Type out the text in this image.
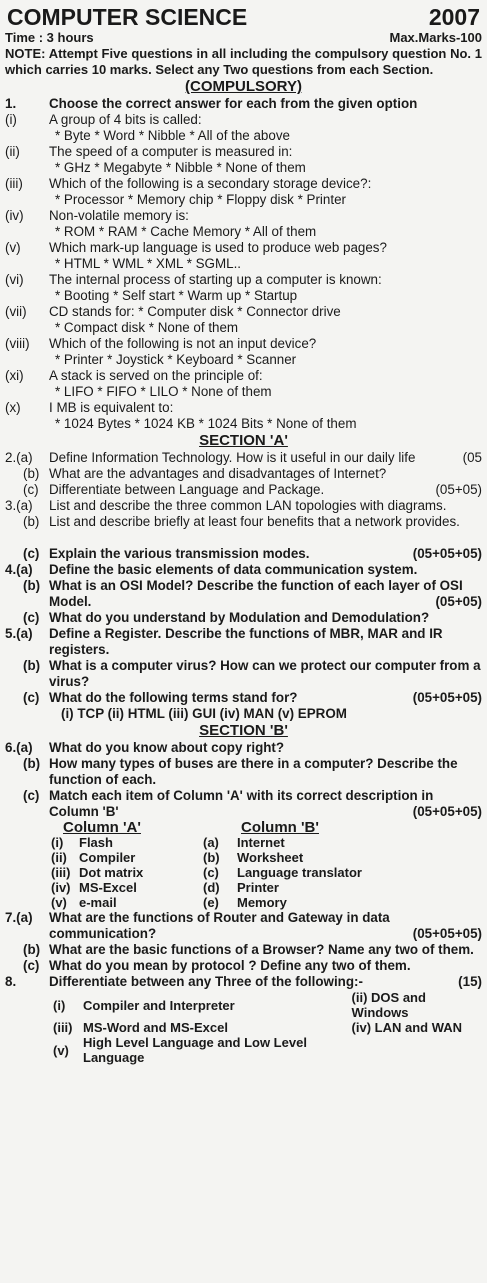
COMPUTER SCIENCE	2007
Time : 3 hours	Max.Marks-100
NOTE: Attempt Five questions in all including the compulsory question No. 1 which carries 10 marks. Select any Two questions from each Section.
(COMPULSORY)
1.	Choose the correct answer for each from the given option
(i)	A group of 4 bits is called:
* Byte * Word * Nibble * All of the above
(ii)	The speed of a computer is measured in:
* GHz * Megabyte * Nibble * None of them
(iii)	Which of the following is a secondary storage device?:
* Processor * Memory chip * Floppy disk * Printer
(iv)	Non-volatile memory is:
* ROM * RAM * Cache Memory * All of them
(v)	Which mark-up language is used to produce web pages?
* HTML * WML * XML * SGML..
(vi)	The internal process of starting up a computer is known:
* Booting * Self start * Warm up * Startup
(vii)	CD stands for: * Computer disk * Connector drive
* Compact disk * None of them
(viii)	Which of the following is not an input device?
* Printer * Joystick * Keyboard * Scanner
(xi)	A stack is served on the principle of:
* LIFO * FIFO * LILO * None of them
(x)	I MB is equivalent to:
* 1024 Bytes * 1024 KB * 1024 Bits * None of them
SECTION 'A'
2.(a)	Define Information Technology. How is it useful in our daily life	(05
(b) What are the advantages and disadvantages of Internet?
(c) Differentiate between Language and Package.	(05+05)
3.(a)	List and describe the three common LAN topologies with diagrams.
(b) List and describe briefly at least four benefits that a network provides.
(c) Explain the various transmission modes.	(05+05+05)
4.(a)	Define the basic elements of data communication system.
(b) What is an OSI Model? Describe the function of each layer of OSI Model.	(05+05)
(c) What do you understand by Modulation and Demodulation?
5.(a)	Define a Register. Describe the functions of MBR, MAR and IR registers.
(b) What is a computer virus? How can we protect our computer from a virus?
(c) What do the following terms stand for?	(05+05+05)
(i) TCP (ii) HTML (iii) GUI (iv) MAN (v) EPROM
SECTION 'B'
6.(a)	What do you know about copy right?
(b) How many types of buses are there in a computer? Describe the function of each.
(c) Match each item of Column 'A' with its correct description in Column 'B'	(05+05+05)
Column 'A'		Column 'B'	
(i)	Flash	(a)	Internet
(ii)	Compiler	(b)	Worksheet
(iii)	Dot matrix	(c)	Language translator
(iv)	MS-Excel	(d)	Printer
(v)	e-mail	(e)	Memory
7.(a)	What are the functions of Router and Gateway in data communication?	(05+05+05)
(b) What are the basic functions of a Browser? Name any two of them.
(c) What do you mean by protocol ? Define any two of them.
8.	Differentiate between any Three of the following:-	(15)
(i)	Compiler and Interpreter	(ii) DOS and Windows
(iii)	MS-Word and MS-Excel	(iv) LAN and WAN
(v)	High Level Language and Low Level Language	
